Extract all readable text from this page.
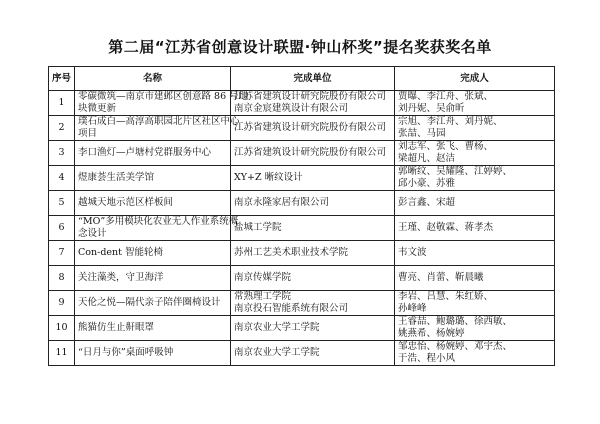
第二届“江苏省创意设计联盟·钟山杯奖”提名奖获奖名单
序号	名称	完成单位	完成人
1	零碳微筑—南京市建邺区创意路 86 号地
块微更新	江苏省建筑设计研究院股份有限公司
南京金宸建筑设计有限公司	贾曝、李江舟、张斌、
刘丹妮、吴俞昕

2	璞石成白—高淳高职园北片区社区中心
项目	江苏省建筑设计研究院股份有限公司	宗旭、李江舟、刘丹妮、
张喆、马园

3	李口渔灯—卢塘村党群服务中心	江苏省建筑设计研究院股份有限公司	刘志军、张飞、曹杨、
梁超凡、赵洁

4	煜康荟生活美学馆	XY+Z 晰纹设计	郭晰纹、吴耀隆、江婷婷、
邱小豪、苏雅

5	越城天地示范区样板间	南京永隆家居有限公司	彭言鑫、宋超

6	“MO”多用模块化农业无人作业系统概
念设计	盐城工学院	王瑾、赵敬霖、蒋孝杰

7	Con-dent 智能轮椅	苏州工艺美术职业技术学院	韦文波

8	关注藻类，守卫海洋	南京传媒学院	曹亮、肖蕾、靳晨曦

9	天伦之悦—隔代亲子陪伴圈椅设计	常熟理工学院
南京投石智能系统有限公司	李岩、吕慧、朱红娇、
孙峰峰

10	熊猫仿生止鼾眼罩	南京农业大学工学院	王睿喆、鲍璐璐、徐西敏、
姚燕希、杨婉婷

11	“日月与你”桌面呼吸钟	南京农业大学工学院	邹忠怡、杨婉婷、邓宇杰、
于浩、程小风
